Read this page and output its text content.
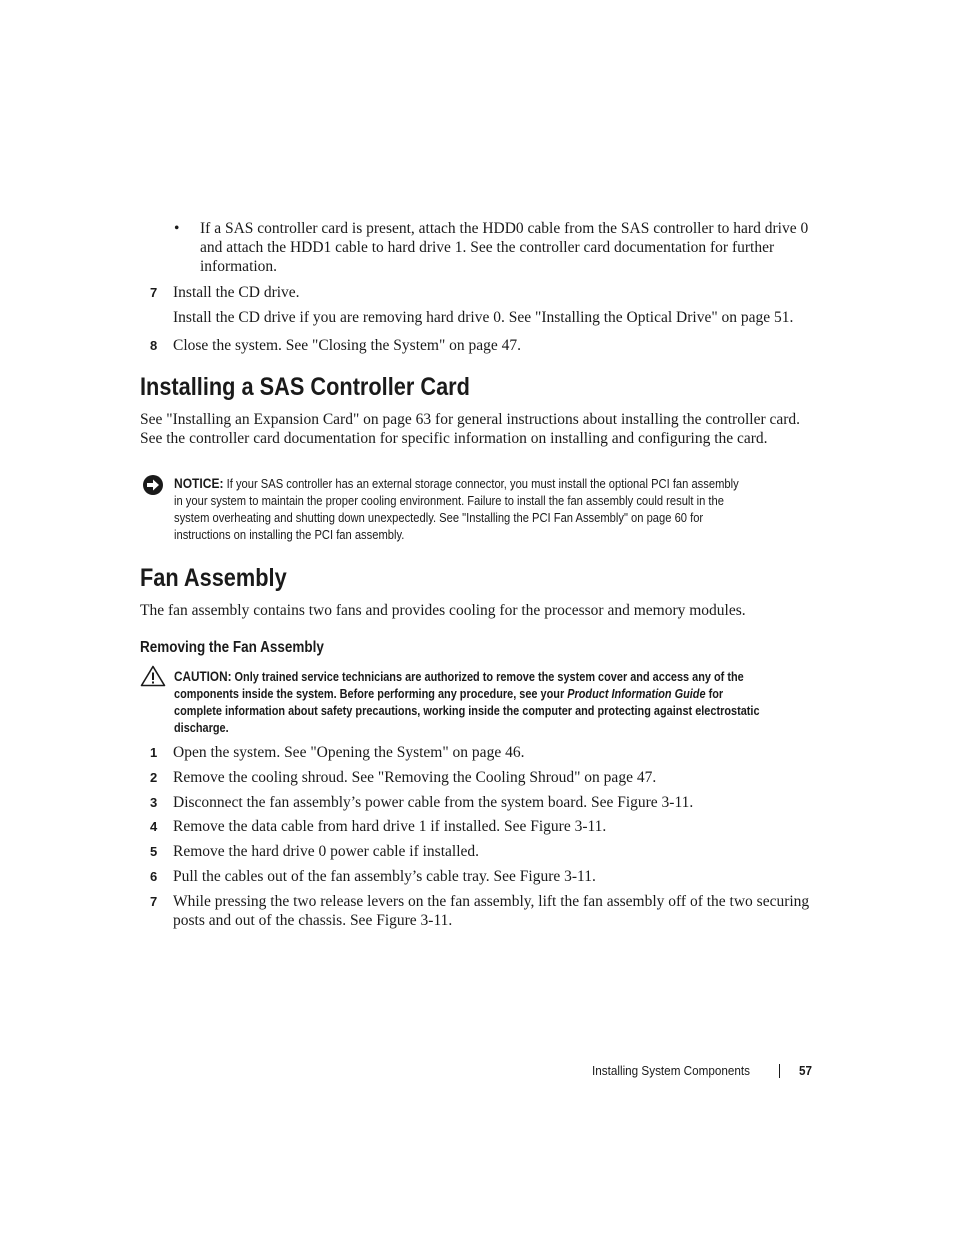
• If a SAS controller card is present, attach the HDD0 cable from the SAS controller to hard drive 0 and attach the HDD1 cable to hard drive 1. See the controller card documentation for further information.
7 Install the CD drive.
Install the CD drive if you are removing hard drive 0. See "Installing the Optical Drive" on page 51.
8 Close the system. See "Closing the System" on page 47.
Installing a SAS Controller Card
See "Installing an Expansion Card" on page 63 for general instructions about installing the controller card. See the controller card documentation for specific information on installing and configuring the card.
NOTICE: If your SAS controller has an external storage connector, you must install the optional PCI fan assembly
in your system to maintain the proper cooling environment. Failure to install the fan assembly could result in the
system overheating and shutting down unexpectedly. See "Installing the PCI Fan Assembly" on page 60 for
instructions on installing the PCI fan assembly.
Fan Assembly
The fan assembly contains two fans and provides cooling for the processor and memory modules.
Removing the Fan Assembly
CAUTION: Only trained service technicians are authorized to remove the system cover and access any of the
components inside the system. Before performing any procedure, see your Product Information Guide for
complete information about safety precautions, working inside the computer and protecting against electrostatic
discharge.
1 Open the system. See "Opening the System" on page 46.
2 Remove the cooling shroud. See "Removing the Cooling Shroud" on page 47.
3 Disconnect the fan assembly’s power cable from the system board. See Figure 3-11.
4 Remove the data cable from hard drive 1 if installed. See Figure 3-11.
5 Remove the hard drive 0 power cable if installed.
6 Pull the cables out of the fan assembly’s cable tray. See Figure 3-11.
7 While pressing the two release levers on the fan assembly, lift the fan assembly off of the two securing posts and out of the chassis. See Figure 3-11.
Installing System Components	57
